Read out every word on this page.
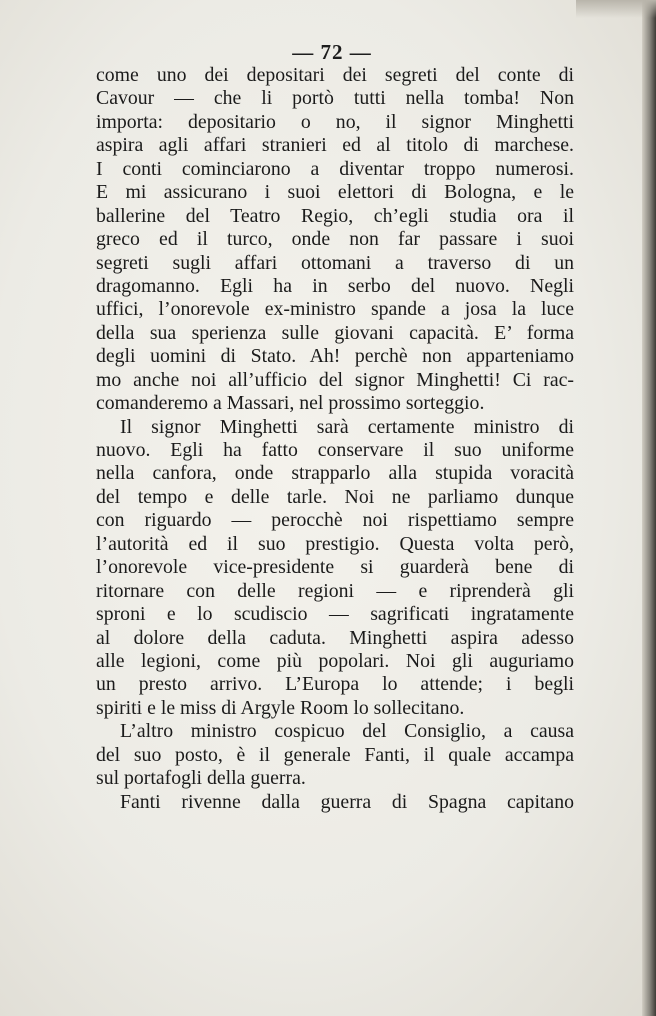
— 72 —
come uno dei depositari dei segreti del conte di
Cavour — che li portò tutti nella tomba! Non
importa: depositario o no, il signor Minghetti
aspira agli affari stranieri ed al titolo di marchese.
I conti cominciarono a diventar troppo numerosi.
E mi assicurano i suoi elettori di Bologna, e le
ballerine del Teatro Regio, ch’egli studia ora il
greco ed il turco, onde non far passare i suoi
segreti sugli affari ottomani a traverso di un
dragomanno. Egli ha in serbo del nuovo. Negli
uffici, l’onorevole ex-ministro spande a josa la luce
della sua sperienza sulle giovani capacità. E’ forma
degli uomini di Stato. Ah! perchè non apparteniamo
mo anche noi all’ufficio del signor Minghetti! Ci rac-
comanderemo a Massari, nel prossimo sorteggio.
Il signor Minghetti sarà certamente ministro di
nuovo. Egli ha fatto conservare il suo uniforme
nella canfora, onde strapparlo alla stupida voracità
del tempo e delle tarle. Noi ne parliamo dunque
con riguardo — perocchè noi rispettiamo sempre
l’autorità ed il suo prestigio. Questa volta però,
l’onorevole vice-presidente si guarderà bene di
ritornare con delle regioni — e riprenderà gli
sproni e lo scudiscio — sagrificati ingratamente
al dolore della caduta. Minghetti aspira adesso
alle legioni, come più popolari. Noi gli auguriamo
un presto arrivo. L’Europa lo attende; i begli
spiriti e le miss di Argyle Room lo sollecitano.
L’altro ministro cospicuo del Consiglio, a causa
del suo posto, è il generale Fanti, il quale accampa
sul portafogli della guerra.
Fanti rivenne dalla guerra di Spagna capitano
